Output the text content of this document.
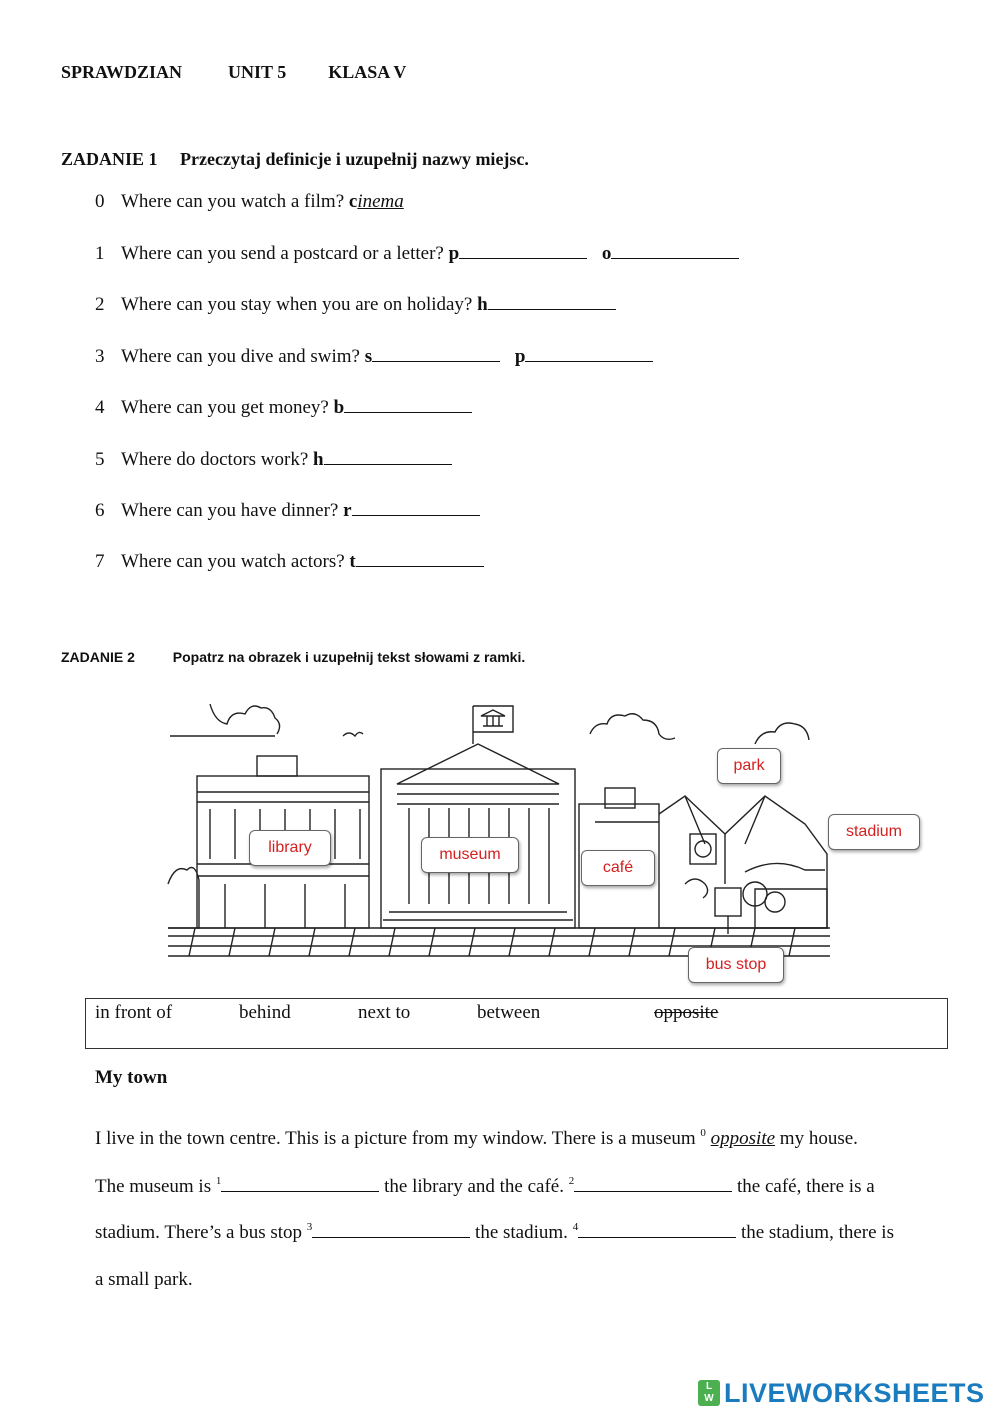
SPRAWDZIAN	UNIT 5 KLASA V
ZADANIE 1 Przeczytaj definicje i uzupełnij nazwy miejsc.
0 Where can you watch a film? cinema
1 Where can you send a postcard or a letter? p	o
2 Where can you stay when you are on holiday? h
3 Where can you dive and swim? s	p
4 Where can you get money? b
5 Where do doctors work? h
6 Where can you have dinner? r
7 Where can you watch actors? t
ZADANIE 2	Popatrz na obrazek i uzupełnij tekst słowami z ramki.
library	museum
café
park
stadium
bus stop
in front of	behind	next to	between	opposite
My town
I live in the town centre. This is a picture from my window. There is a museum $^0$ opposite my house.
The museum is $^1$	the library and the café. $^2$	the café, there is a
stadium. There’s a bus stop $^3$	the stadium. $^4$	the stadium, there is
a small park.
L
W LIVEWORKSHEETS
